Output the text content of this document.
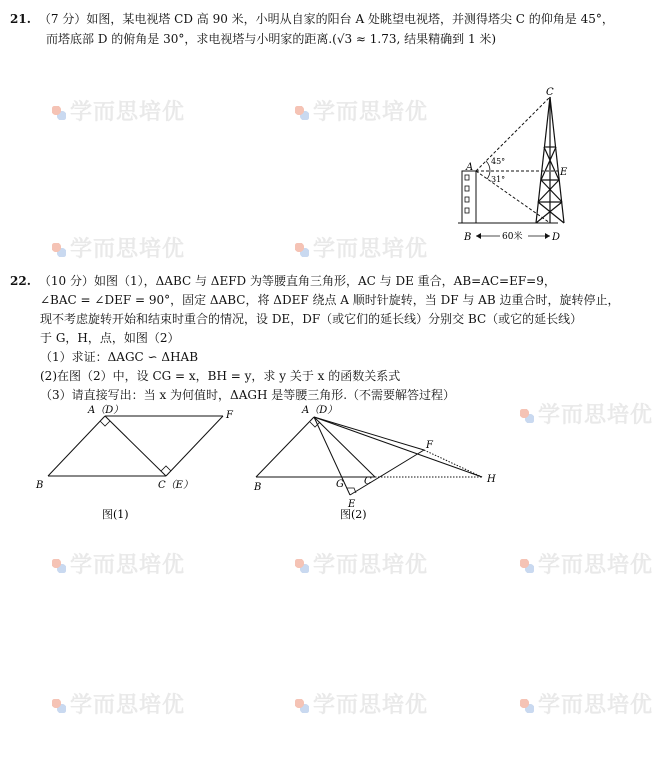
学而思培优	学而思培优
学而思培优	学而思培优
学而思培优
学而思培优	学而思培优	学而思培优
学而思培优	学而思培优	学而思培优
21. （7 分）如图，某电视塔 CD 高 90 米，小明从自家的阳台 A 处眺望电视塔，并测得塔尖 C 的仰角是 45°，
而塔底部 D 的俯角是 30°，求电视塔与小明家的距离.(√3 ≈ 1.73, 结果精确到 1 米)
C
A	E
B	D
45°
31°
60米
22. （10 分）如图（1），ΔABC 与 ΔEFD 为等腰直角三角形，AC 与 DE 重合，AB=AC=EF=9，
∠BAC = ∠DEF = 90°，固定 ΔABC，将 ΔDEF 绕点 A 顺时针旋转，当 DF 与 AB 边重合时，旋转停止，
现不考虑旋转开始和结束时重合的情况，设 DE，DF（或它们的延长线）分别交 BC（或它的延长线）
于 G，H，点，如图（2）
（1）求证：ΔAGC ∽ ΔHAB
(2)在图（2）中，设 CG = x，BH = y，求 y 关于 x 的函数关系式
（3）请直接写出：当 x 为何值时，ΔAGH 是等腰三角形.（不需要解答过程）
A（D）	F
B	C（E）
图(1)
A（D）
F
B	G C
E
H
图(2)
